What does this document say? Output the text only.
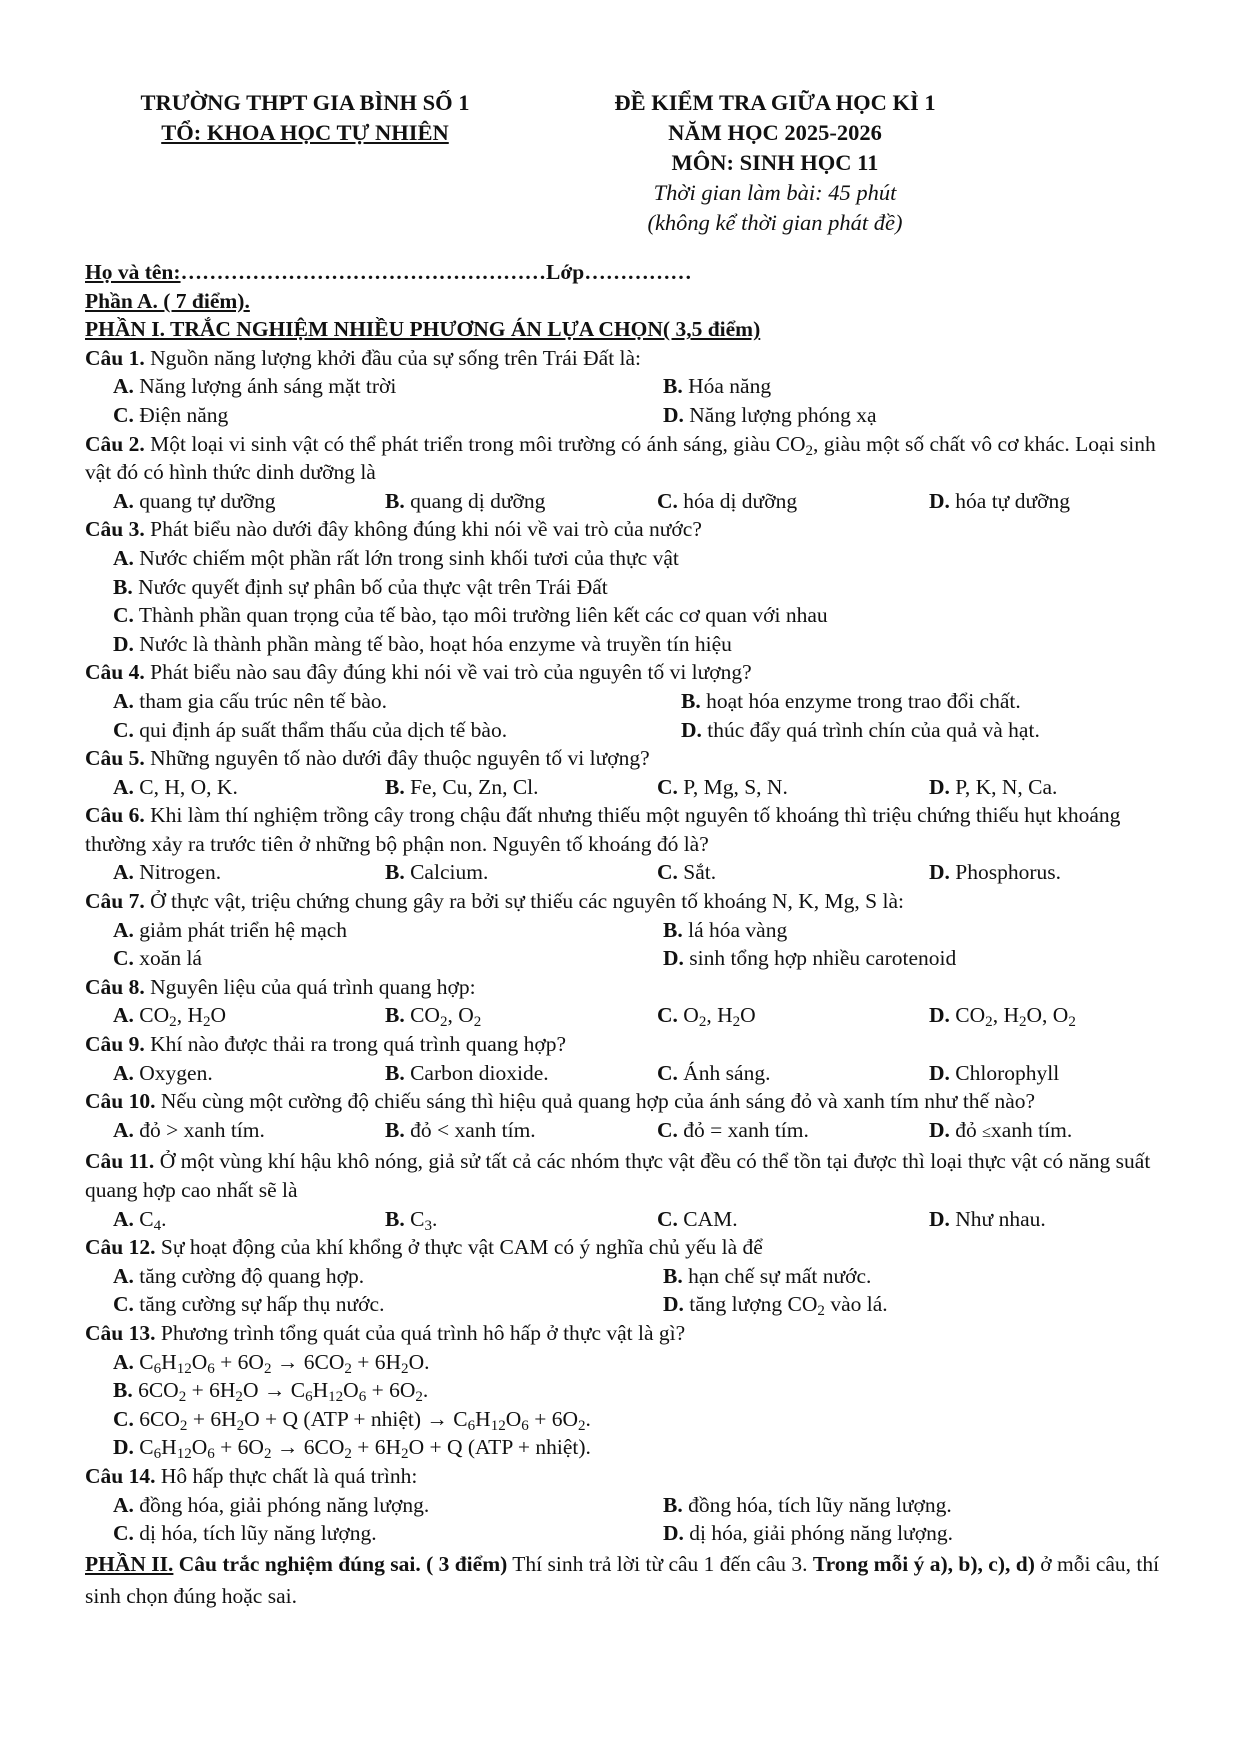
TRƯỜNG THPT GIA BÌNH SỐ 1
TỔ: KHOA HỌC TỰ NHIÊN
ĐỀ KIỂM TRA GIỮA HỌC KÌ 1
NĂM HỌC 2025-2026
MÔN: SINH HỌC 11
Thời gian làm bài: 45 phút
(không kể thời gian phát đề)
Họ và tên:……………………………………………Lớp……………
Phần A. ( 7 điểm).
PHẦN I. TRẮC NGHIỆM NHIỀU PHƯƠNG ÁN LỰA CHỌN( 3,5 điểm)
Câu 1. Nguồn năng lượng khởi đầu của sự sống trên Trái Đất là:
A. Năng lượng ánh sáng mặt trời	B. Hóa năng
C. Điện năng	D. Năng lượng phóng xạ
Câu 2. Một loại vi sinh vật có thể phát triển trong môi trường có ánh sáng, giàu $CO_2$, giàu một số chất vô cơ khác. Loại sinh vật đó có hình thức dinh dưỡng là
A. quang tự dưỡng	B. quang dị dưỡng	C. hóa dị dưỡng	D. hóa tự dưỡng
Câu 3. Phát biểu nào dưới đây không đúng khi nói về vai trò của nước?
A. Nước chiếm một phần rất lớn trong sinh khối tươi của thực vật
B. Nước quyết định sự phân bố của thực vật trên Trái Đất
C. Thành phần quan trọng của tế bào, tạo môi trường liên kết các cơ quan với nhau
D. Nước là thành phần màng tế bào, hoạt hóa enzyme và truyền tín hiệu
Câu 4. Phát biểu nào sau đây đúng khi nói về vai trò của nguyên tố vi lượng?
A. tham gia cấu trúc nên tế bào.	B. hoạt hóa enzyme trong trao đổi chất.
C. qui định áp suất thẩm thấu của dịch tế bào.	D. thúc đẩy quá trình chín của quả và hạt.
Câu 5. Những nguyên tố nào dưới đây thuộc nguyên tố vi lượng?
A. C, H, O, K.	B. Fe, Cu, Zn, Cl.	C. P, Mg, S, N.	D. P, K, N, Ca.
Câu 6. Khi làm thí nghiệm trồng cây trong chậu đất nhưng thiếu một nguyên tố khoáng thì triệu chứng thiếu hụt khoáng thường xảy ra trước tiên ở những bộ phận non. Nguyên tố khoáng đó là?
A. Nitrogen.	B. Calcium.	C. Sắt.	D. Phosphorus.
Câu 7. Ở thực vật, triệu chứng chung gây ra bởi sự thiếu các nguyên tố khoáng N, K, Mg, S là:
A. giảm phát triển hệ mạch	B. lá hóa vàng
C. xoăn lá	D. sinh tổng hợp nhiều carotenoid
Câu 8. Nguyên liệu của quá trình quang hợp:
A. $CO_2$, $H_2O$	B. $CO_2$, $O_2$	C. $O_2$, $H_2O$	D. $CO_2$, $H_2O$, $O_2$
Câu 9. Khí nào được thải ra trong quá trình quang hợp?
A. Oxygen.	B. Carbon dioxide.	C. Ánh sáng.	D. Chlorophyll
Câu 10. Nếu cùng một cường độ chiếu sáng thì hiệu quả quang hợp của ánh sáng đỏ và xanh tím như thế nào?
A. đỏ > xanh tím.	B. đỏ < xanh tím.	C. đỏ = xanh tím.	D. đỏ ≤xanh tím.
Câu 11. Ở một vùng khí hậu khô nóng, giả sử tất cả các nhóm thực vật đều có thể tồn tại được thì loại thực vật có năng suất quang hợp cao nhất sẽ là
A. $C_4$.	B. $C_3$.	C. CAM.	D. Như nhau.
Câu 12. Sự hoạt động của khí khổng ở thực vật CAM có ý nghĩa chủ yếu là để
A. tăng cường độ quang hợp.	B. hạn chế sự mất nước.
C. tăng cường sự hấp thụ nước.	D. tăng lượng $CO_2$ vào lá.
Câu 13. Phương trình tổng quát của quá trình hô hấp ở thực vật là gì?
A. $C_6H_{12}O_6 + 6O_2 \to 6CO_2 + 6H_2O$.
B. $6CO_2 + 6H_2O \to C_6H_{12}O_6 + 6O_2$.
C. $6CO_2 + 6H_2O + Q$ (ATP + nhiệt) → $C_6H_{12}O_6 + 6O_2$.
D. $C_6H_{12}O_6 + 6O_2 \to 6CO_2 + 6H_2O + Q$ (ATP + nhiệt).
Câu 14. Hô hấp thực chất là quá trình:
A. đồng hóa, giải phóng năng lượng.	B. đồng hóa, tích lũy năng lượng.
C. dị hóa, tích lũy năng lượng.	D. dị hóa, giải phóng năng lượng.
PHẦN II. Câu trắc nghiệm đúng sai. ( 3 điểm) Thí sinh trả lời từ câu 1 đến câu 3. Trong mỗi ý a), b), c), d) ở mỗi câu, thí sinh chọn đúng hoặc sai.
